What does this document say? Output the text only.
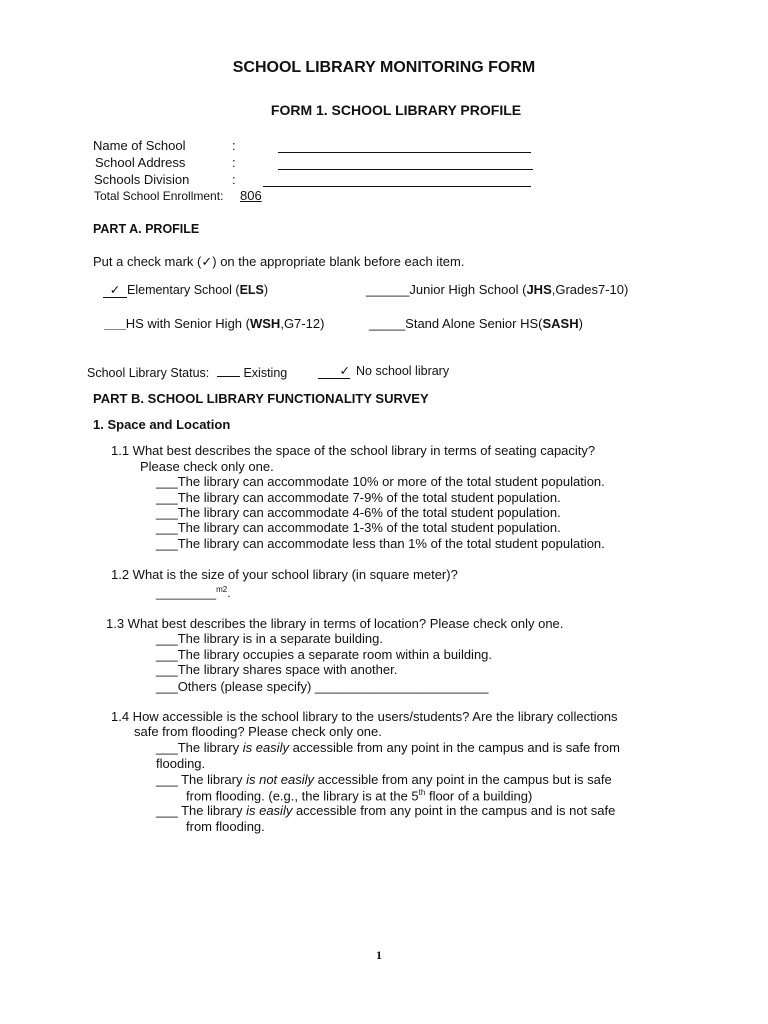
SCHOOL LIBRARY MONITORING FORM
FORM 1. SCHOOL LIBRARY PROFILE
Name of School	:
School Address	:
Schools Division	:
Total School Enrollment: 806
PART A. PROFILE
Put a check mark (✓) on the appropriate blank before each item.
✓ Elementary School (ELS)	______Junior High School (JHS,Grades7-10)
___HS with Senior High (WSH,G7-12)	_____Stand Alone Senior HS(SASH)
School Library Status:	Existing	✓ No school library
PART B. SCHOOL LIBRARY FUNCTIONALITY SURVEY
1. Space and Location
1.1 What best describes the space of the school library in terms of seating capacity?
Please check only one.
___The library can accommodate 10% or more of the total student population.
___The library can accommodate 7-9% of the total student population.
___The library can accommodate 4-6% of the total student population.
___The library can accommodate 1-3% of the total student population.
___The library can accommodate less than 1% of the total student population.
1.2 What is the size of your school library (in square meter)?
_________$^{m2}$.
1.3 What best describes the library in terms of location? Please check only one.
___The library is in a separate building.
___The library occupies a separate room within a building.
___The library shares space with another.
___Others (please specify) ________________________
1.4 How accessible is the school library to the users/students? Are the library collections
safe from flooding? Please check only one.
___The library is easily accessible from any point in the campus and is safe from
flooding.
___ The library is not easily accessible from any point in the campus but is safe
from flooding. (e.g., the library is at the 5th floor of a building)
___ The library is easily accessible from any point in the campus and is not safe
from flooding.
1
